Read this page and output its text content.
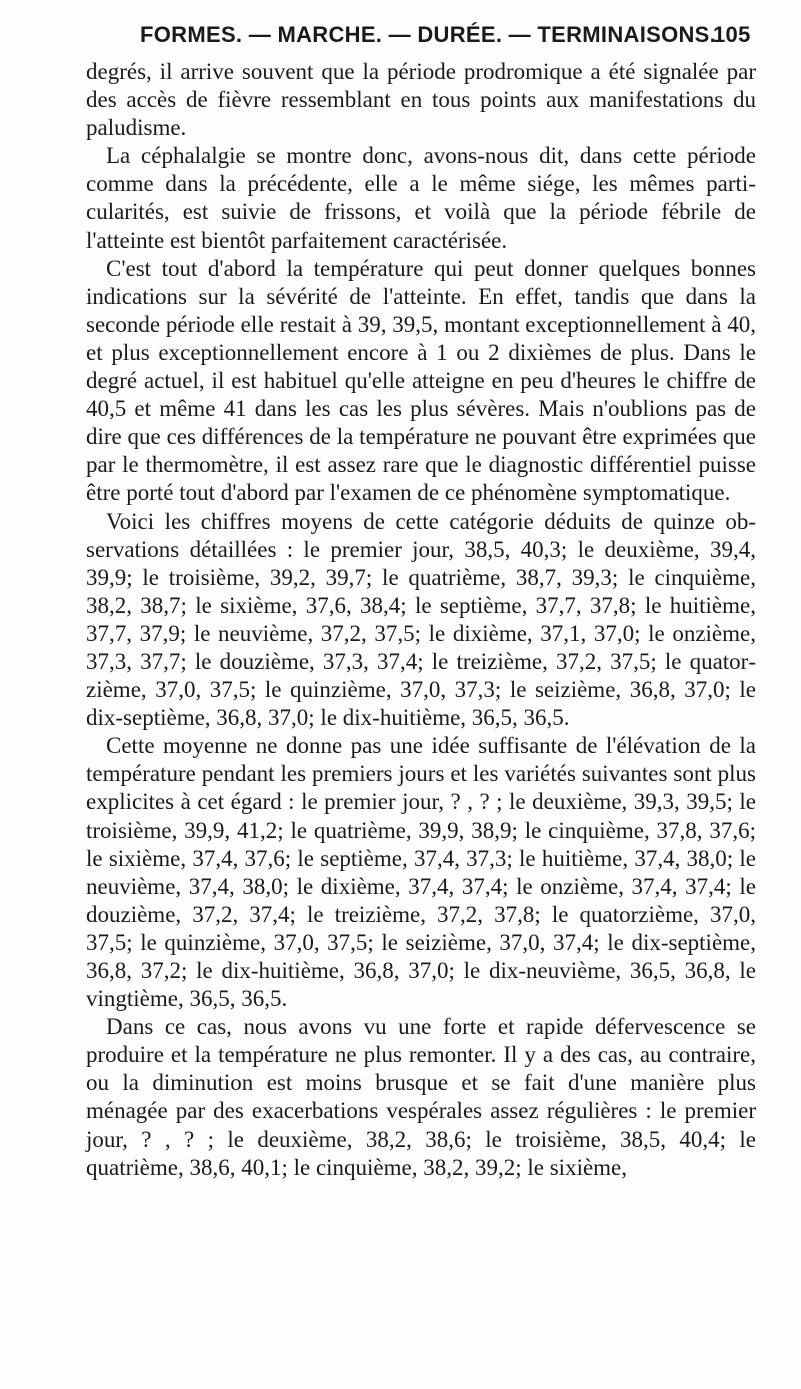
FORMES. — MARCHE. — DURÉE. — TERMINAISONS.
105

degrés, il arrive souvent que la période prodromique a été signalée par des accès de fièvre ressemblant en tous points aux manifestations du paludisme.

La céphalalgie se montre donc, avons-nous dit, dans cette période comme dans la précédente, elle a le même siége, les mêmes particularités, est suivie de frissons, et voilà que la période fébrile de l'atteinte est bientôt parfaitement caractérisée.

C'est tout d'abord la température qui peut donner quelques bonnes indications sur la sévérité de l'atteinte. En effet, tandis que dans la seconde période elle restait à 39, 39,5, montant exceptionnellement à 40, et plus exceptionnellement encore à 1 ou 2 dixièmes de plus. Dans le degré actuel, il est habituel qu'elle atteigne en peu d'heures le chiffre de 40,5 et même 41 dans les cas les plus sévères. Mais n'oublions pas de dire que ces différences de la température ne pouvant être exprimées que par le thermomètre, il est assez rare que le diagnostic différentiel puisse être porté tout d'abord par l'examen de ce phénomène symptomatique.

Voici les chiffres moyens de cette catégorie déduits de quinze observations détaillées : le premier jour, 38,5, 40,3; le deuxième, 39,4, 39,9; le troisième, 39,2, 39,7; le quatrième, 38,7, 39,3; le cinquième, 38,2, 38,7; le sixième, 37,6, 38,4; le septième, 37,7, 37,8; le huitième, 37,7, 37,9; le neuvième, 37,2, 37,5; le dixième, 37,1, 37,0; le onzième, 37,3, 37,7; le douzième, 37,3, 37,4; le treizième, 37,2, 37,5; le quatorzième, 37,0, 37,5; le quinzième, 37,0, 37,3; le seizième, 36,8, 37,0; le dix-septième, 36,8, 37,0; le dix-huitième, 36,5, 36,5.

Cette moyenne ne donne pas une idée suffisante de l'élévation de la température pendant les premiers jours et les variétés suivantes sont plus explicites à cet égard : le premier jour, ? , ? ; le deuxième, 39,3, 39,5; le troisième, 39,9, 41,2; le quatrième, 39,9, 38,9; le cinquième, 37,8, 37,6; le sixième, 37,4, 37,6; le septième, 37,4, 37,3; le huitième, 37,4, 38,0; le neuvième, 37,4, 38,0; le dixième, 37,4, 37,4; le onzième, 37,4, 37,4; le douzième, 37,2, 37,4; le treizième, 37,2, 37,8; le quatorzième, 37,0, 37,5; le quinzième, 37,0, 37,5; le seizième, 37,0, 37,4; le dix-septième, 36,8, 37,2; le dix-huitième, 36,8, 37,0; le dix-neuvième, 36,5, 36,8, le vingtième, 36,5, 36,5.

Dans ce cas, nous avons vu une forte et rapide défervescence se produire et la température ne plus remonter. Il y a des cas, au contraire, ou la diminution est moins brusque et se fait d'une manière plus ménagée par des exacerbations vespérales assez régulières : le premier jour, ? , ? ; le deuxième, 38,2, 38,6; le troisième, 38,5, 40,4; le quatrième, 38,6, 40,1; le cinquième, 38,2, 39,2; le sixième,
